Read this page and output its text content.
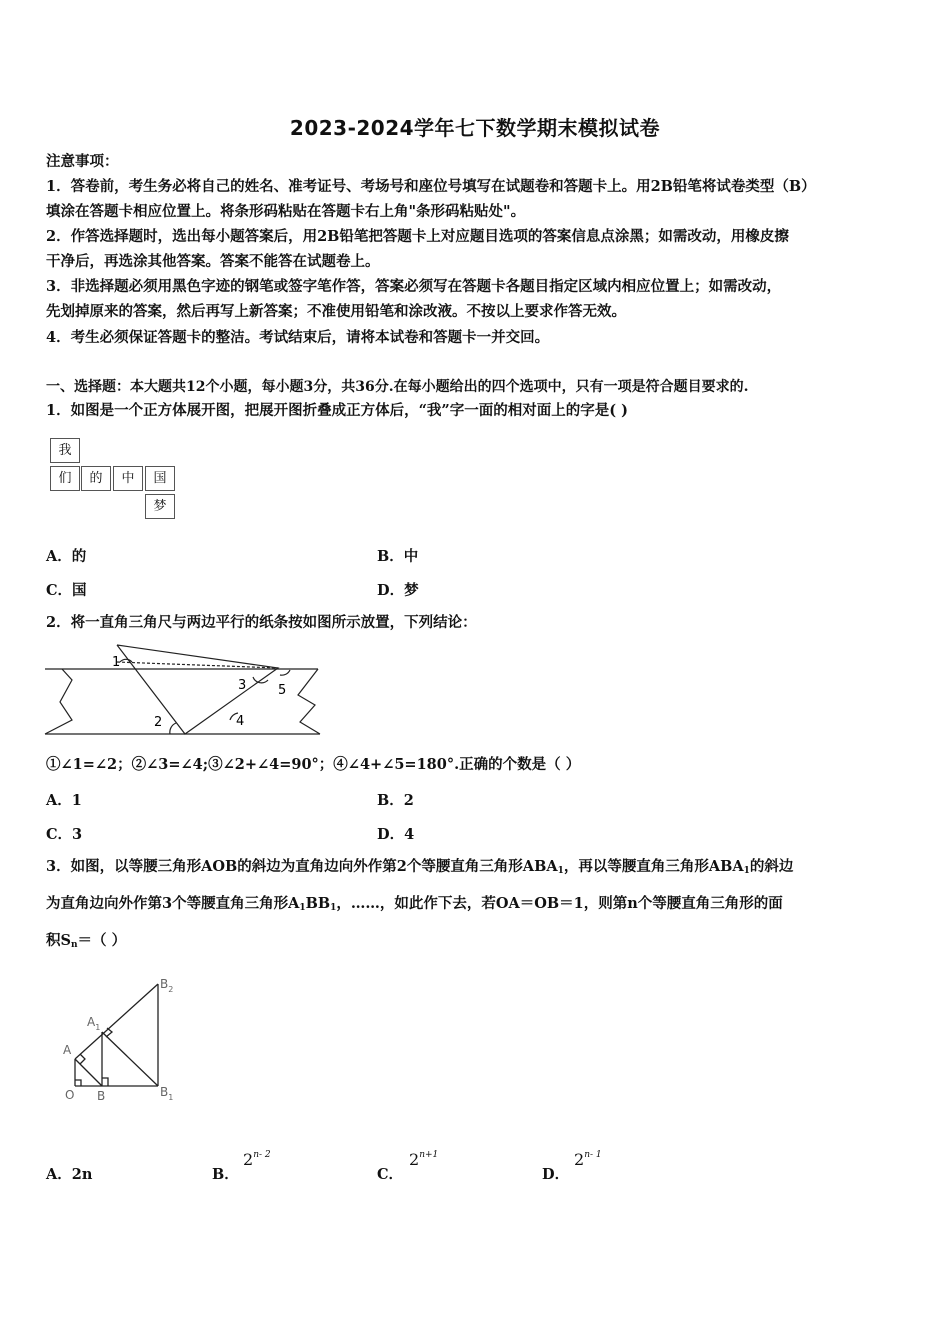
2023-2024学年七下数学期末模拟试卷
注意事项：
1．答卷前，考生务必将自己的姓名、准考证号、考场号和座位号填写在试题卷和答题卡上。用2B铅笔将试卷类型（B）
填涂在答题卡相应位置上。将条形码粘贴在答题卡右上角"条形码粘贴处"。
2．作答选择题时，选出每小题答案后，用2B铅笔把答题卡上对应题目选项的答案信息点涂黑；如需改动，用橡皮擦
干净后，再选涂其他答案。答案不能答在试题卷上。
3．非选择题必须用黑色字迹的钢笔或签字笔作答，答案必须写在答题卡各题目指定区域内相应位置上；如需改动，
先划掉原来的答案，然后再写上新答案；不准使用铅笔和涂改液。不按以上要求作答无效。
4．考生必须保证答题卡的整洁。考试结束后，请将本试卷和答题卡一并交回。
一、选择题：本大题共12个小题，每小题3分，共36分.在每小题给出的四个选项中，只有一项是符合题目要求的.
1．如图是一个正方体展开图，把展开图折叠成正方体后，“我”字一面的相对面上的字是( )
我
们	的	中	国
梦
A．的	B．中
C．国	D．梦
2．将一直角三角尺与两边平行的纸条按如图所示放置，下列结论：
1
2
3
4
5
①∠1=∠2；②∠3=∠4;③∠2+∠4=90°；④∠4+∠5=180°.正确的个数是（ ）
A．1	B．2
C．3	D．4
3．如图，以等腰三角形AOB的斜边为直角边向外作第2个等腰直角三角形$ABA_1$，再以等腰直角三角形$ABA_1$的斜边
为直角边向外作第3个等腰直角三角形$A_1BB_1$，……，如此作下去，若OA＝OB＝1，则第n个等腰直角三角形的面
积$S_n=$（ ）
$B_2$
$A_1$
A
O B	$B_1$
A．2n	B．
2$^{n- 2}$
C．
$2^{n+1}$
D．
2$^{n- 1}$
